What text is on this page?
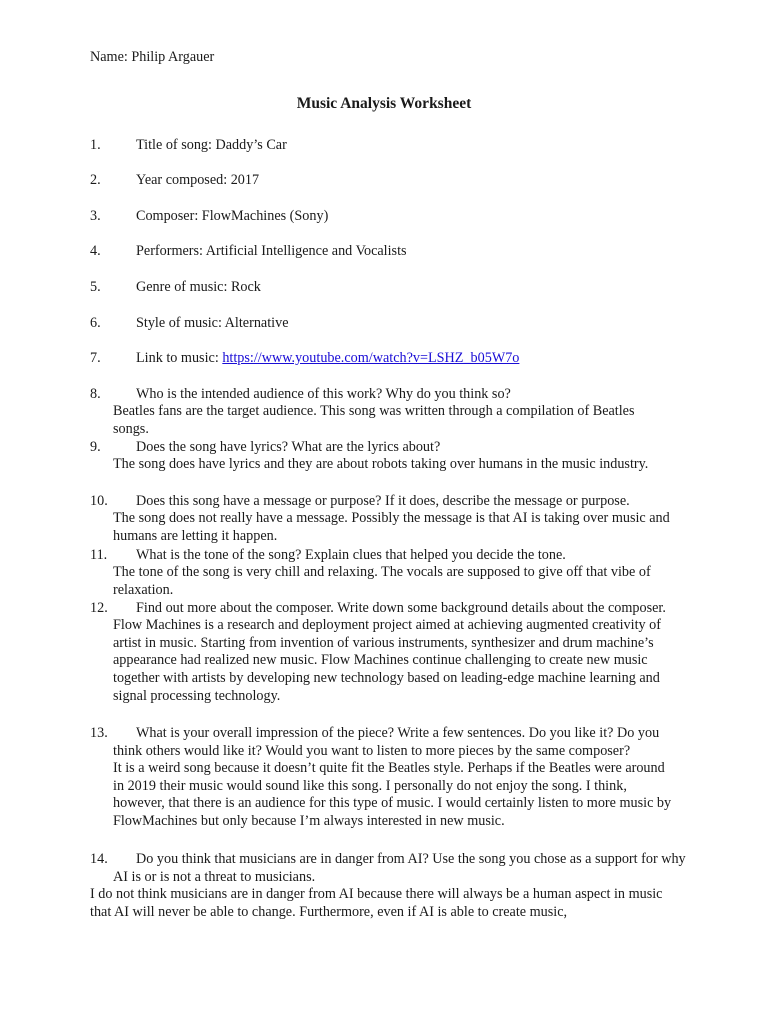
Name: Philip Argauer
Music Analysis Worksheet
1. Title of song: Daddy’s Car
2. Year composed: 2017
3. Composer: FlowMachines (Sony)
4. Performers: Artificial Intelligence and Vocalists
5. Genre of music: Rock
6. Style of music: Alternative
7. Link to music: https://www.youtube.com/watch?v=LSHZ_b05W7o
8.	Who is the intended audience of this work? Why do you think so?
Beatles fans are the target audience. This song was written through a compilation of Beatles songs.
9.	Does the song have lyrics? What are the lyrics about?
The song does have lyrics and they are about robots taking over humans in the music industry.
10.	Does this song have a message or purpose? If it does, describe the message or purpose.
The song does not really have a message. Possibly the message is that AI is taking over music and humans are letting it happen.
11.	What is the tone of the song? Explain clues that helped you decide the tone.
The tone of the song is very chill and relaxing. The vocals are supposed to give off that vibe of relaxation.
12.	Find out more about the composer. Write down some background details about the composer.
Flow Machines is a research and deployment project aimed at achieving augmented creativity of artist in music. Starting from invention of various instruments, synthesizer and drum machine’s appearance had realized new music. Flow Machines continue challenging to create new music together with artists by developing new technology based on leading-edge machine learning and signal processing technology.
13.	What is your overall impression of the piece? Write a few sentences. Do you like it? Do you think others would like it? Would you want to listen to more pieces by the same composer?
It is a weird song because it doesn’t quite fit the Beatles style. Perhaps if the Beatles were around in 2019 their music would sound like this song. I personally do not enjoy the song. I think, however, that there is an audience for this type of music. I would certainly listen to more music by FlowMachines but only because I’m always interested in new music.
14.	Do you think that musicians are in danger from AI? Use the song you chose as a support for why AI is or is not a threat to musicians.
I do not think musicians are in danger from AI because there will always be a human aspect in music that AI will never be able to change. Furthermore, even if AI is able to create music,
